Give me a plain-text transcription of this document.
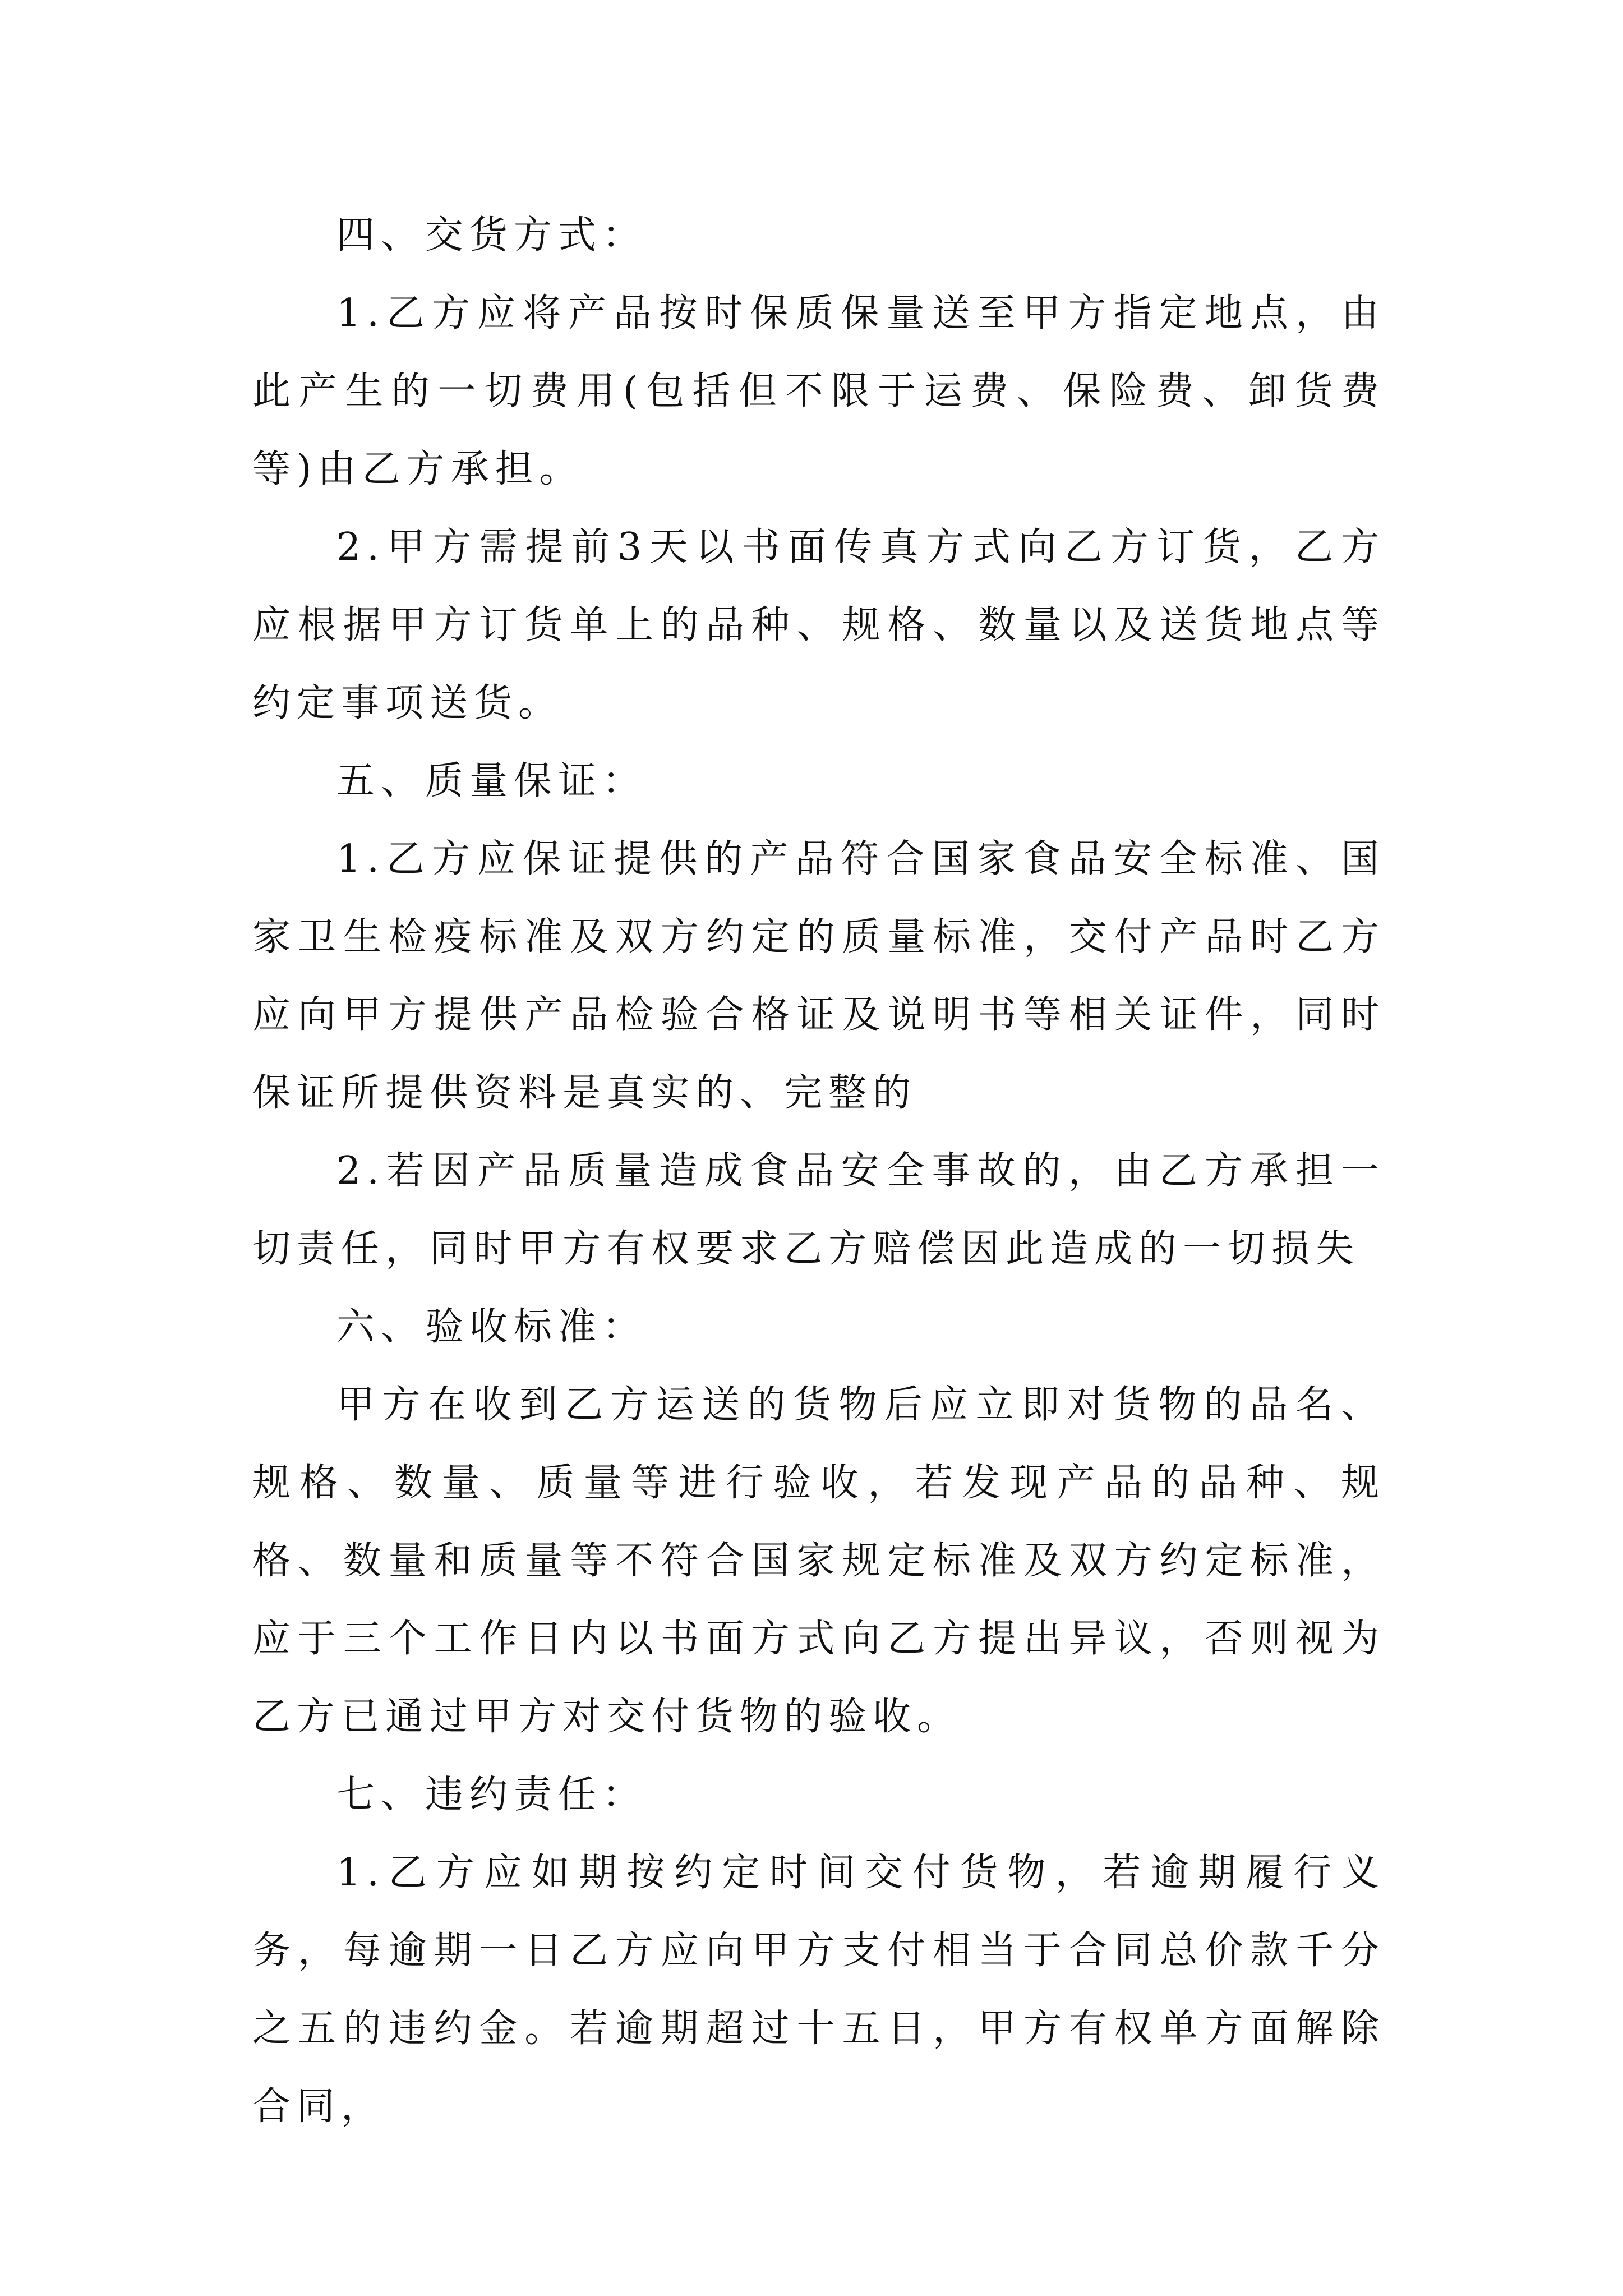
四、交货方式：

1.乙方应将产品按时保质保量送至甲方指定地点，由此产生的一切费用(包括但不限于运费、保险费、卸货费等)由乙方承担。

2.甲方需提前3天以书面传真方式向乙方订货，乙方应根据甲方订货单上的品种、规格、数量以及送货地点等约定事项送货。

五、质量保证：

1.乙方应保证提供的产品符合国家食品安全标准、国家卫生检疫标准及双方约定的质量标准，交付产品时乙方应向甲方提供产品检验合格证及说明书等相关证件，同时保证所提供资料是真实的、完整的

2.若因产品质量造成食品安全事故的，由乙方承担一切责任，同时甲方有权要求乙方赔偿因此造成的一切损失

六、验收标准：

甲方在收到乙方运送的货物后应立即对货物的品名、规格、数量、质量等进行验收，若发现产品的品种、规格、数量和质量等不符合国家规定标准及双方约定标准，应于三个工作日内以书面方式向乙方提出异议，否则视为乙方已通过甲方对交付货物的验收。

七、违约责任：

1.乙方应如期按约定时间交付货物，若逾期履行义务，每逾期一日乙方应向甲方支付相当于合同总价款千分之五的违约金。若逾期超过十五日，甲方有权单方面解除合同，
